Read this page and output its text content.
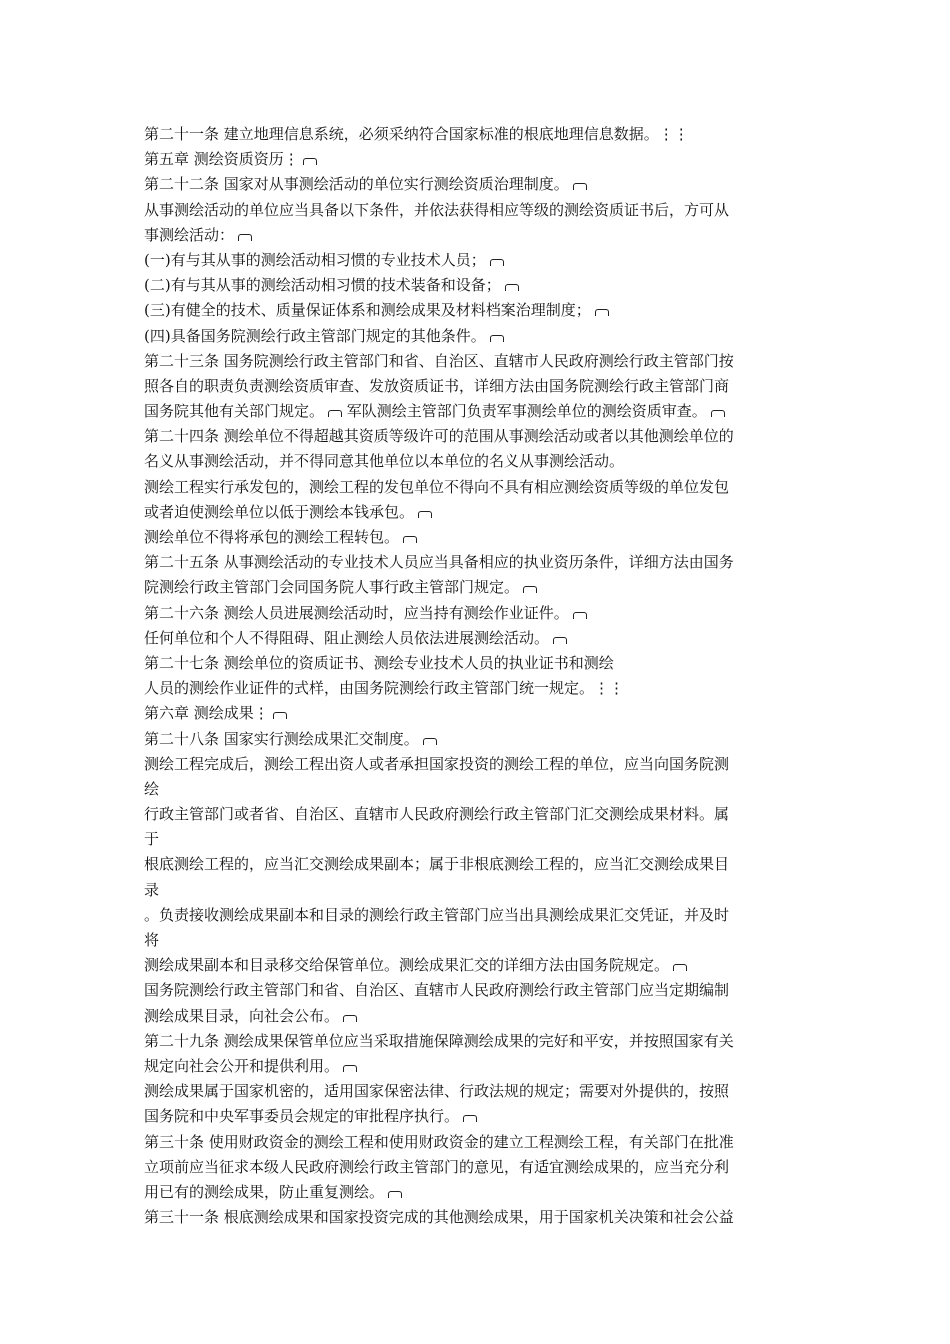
第二十一条 建立地理信息系统，必须采纳符合国家标准的根底地理信息数据。⋮⋮
第五章 测绘资质资历⋮
第二十二条 国家对从事测绘活动的单位实行测绘资质治理制度。
从事测绘活动的单位应当具备以下条件，并依法获得相应等级的测绘资质证书后，方可从
事测绘活动：
(一)有与其从事的测绘活动相习惯的专业技术人员；
(二)有与其从事的测绘活动相习惯的技术装备和设备；
(三)有健全的技术、质量保证体系和测绘成果及材料档案治理制度；
(四)具备国务院测绘行政主管部门规定的其他条件。
第二十三条 国务院测绘行政主管部门和省、自治区、直辖市人民政府测绘行政主管部门按
照各自的职责负责测绘资质审查、发放资质证书，详细方法由国务院测绘行政主管部门商
国务院其他有关部门规定。 军队测绘主管部门负责军事测绘单位的测绘资质审查。
第二十四条 测绘单位不得超越其资质等级许可的范围从事测绘活动或者以其他测绘单位的
名义从事测绘活动，并不得同意其他单位以本单位的名义从事测绘活动。
测绘工程实行承发包的，测绘工程的发包单位不得向不具有相应测绘资质等级的单位发包
或者迫使测绘单位以低于测绘本钱承包。
测绘单位不得将承包的测绘工程转包。
第二十五条 从事测绘活动的专业技术人员应当具备相应的执业资历条件，详细方法由国务
院测绘行政主管部门会同国务院人事行政主管部门规定。
第二十六条 测绘人员进展测绘活动时，应当持有测绘作业证件。
任何单位和个人不得阻碍、阻止测绘人员依法进展测绘活动。
第二十七条 测绘单位的资质证书、测绘专业技术人员的执业证书和测绘
人员的测绘作业证件的式样，由国务院测绘行政主管部门统一规定。⋮⋮
第六章 测绘成果⋮
第二十八条 国家实行测绘成果汇交制度。
测绘工程完成后，测绘工程出资人或者承担国家投资的测绘工程的单位，应当向国务院测
绘
行政主管部门或者省、自治区、直辖市人民政府测绘行政主管部门汇交测绘成果材料。属
于
根底测绘工程的，应当汇交测绘成果副本；属于非根底测绘工程的，应当汇交测绘成果目
录
。负责接收测绘成果副本和目录的测绘行政主管部门应当出具测绘成果汇交凭证，并及时
将
测绘成果副本和目录移交给保管单位。测绘成果汇交的详细方法由国务院规定。
国务院测绘行政主管部门和省、自治区、直辖市人民政府测绘行政主管部门应当定期编制
测绘成果目录，向社会公布。
第二十九条 测绘成果保管单位应当采取措施保障测绘成果的完好和平安，并按照国家有关
规定向社会公开和提供利用。
测绘成果属于国家机密的，适用国家保密法律、行政法规的规定；需要对外提供的，按照
国务院和中央军事委员会规定的审批程序执行。
第三十条 使用财政资金的测绘工程和使用财政资金的建立工程测绘工程，有关部门在批准
立项前应当征求本级人民政府测绘行政主管部门的意见，有适宜测绘成果的，应当充分利
用已有的测绘成果，防止重复测绘。
第三十一条 根底测绘成果和国家投资完成的其他测绘成果，用于国家机关决策和社会公益
